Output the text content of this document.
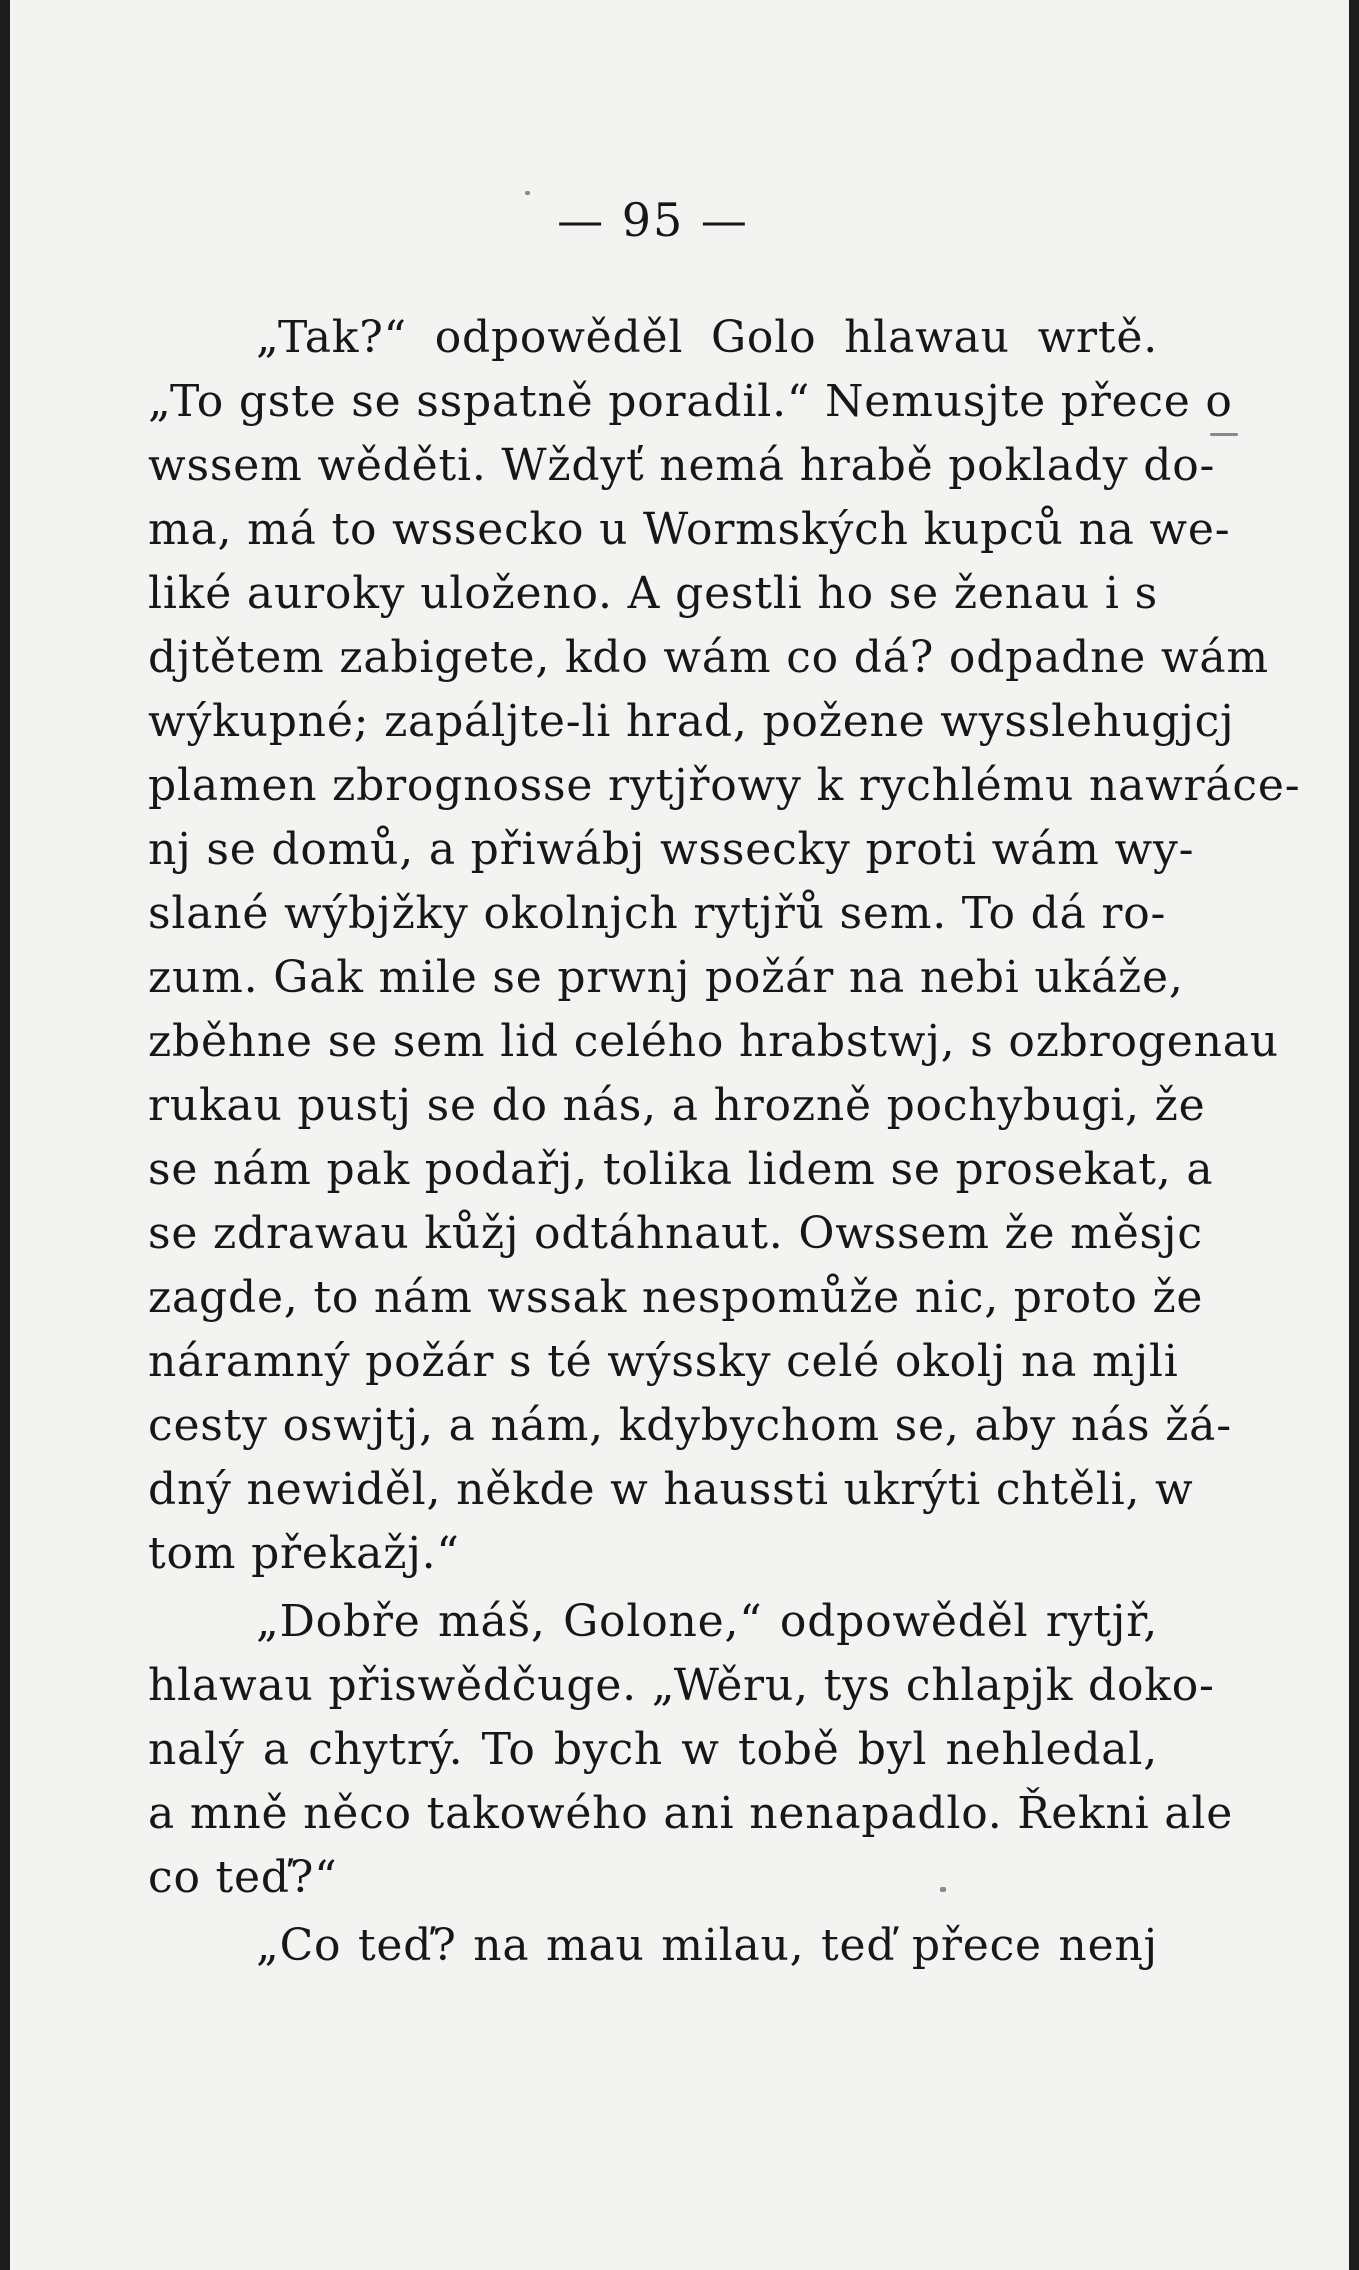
— 95 —
„Tak?“ odpowěděl Golo hlawau wrtě.
„To gste se sspatně poradil.“ Nemusjte přece o
wssem wěděti. Wždyť nemá hrabě poklady do-
ma, má to wssecko u Wormských kupců na we-
liké auroky uloženo. A gestli ho se ženau i s
djtětem zabigete, kdo wám co dá? odpadne wám
wýkupné; zapáljte-li hrad, požene wysslehugjcj
plamen zbrognosse rytjřowy k rychlému nawráce-
nj se domů, a přiwábj wssecky proti wám wy-
slané wýbjžky okolnjch rytjřů sem. To dá ro-
zum. Gak mile se prwnj požár na nebi ukáže,
zběhne se sem lid celého hrabstwj, s ozbrogenau
rukau pustj se do nás, a hrozně pochybugi, že
se nám pak podařj, tolika lidem se prosekat, a
se zdrawau kůžj odtáhnaut. Owssem že měsjc
zagde, to nám wssak nespomůže nic, proto že
náramný požár s té wýssky celé okolj na mjli
cesty oswjtj, a nám, kdybychom se, aby nás žá-
dný newiděl, někde w haussti ukrýti chtěli, w
tom překažj.“
„Dobře máš, Golone,“ odpowěděl rytjř,
hlawau přiswědčuge. „Wěru, tys chlapjk doko-
nalý a chytrý. To bych w tobě byl nehledal,
a mně něco takowého ani nenapadlo. Řekni ale
co teď?“
„Co teď? na mau milau, teď přece nenj
